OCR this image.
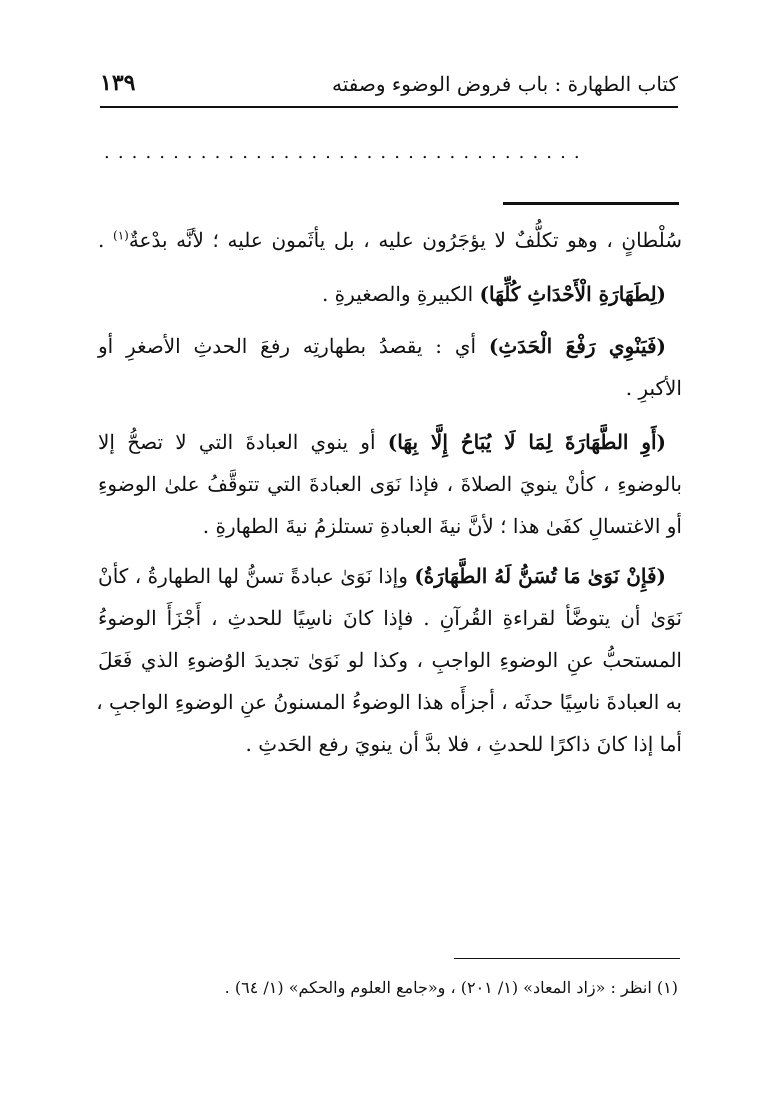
كتاب الطهارة : باب فروض الوضوء وصفته
١٣٩
...................................
سُلْطانٍ ، وهو تكلُّفٌ لا يؤجَرُون عليه ، بل يأثَمون عليه ؛ لأنَّه بدْعةٌ$^{(١)}$ .
(لِطَهَارَةِ الْأَحْدَاثِ كُلِّهَا) الكبيرةِ والصغيرةِ .
(فَيَنْوِي رَفْعَ الْحَدَثِ) أي : يقصدُ بطهارتِه رفعَ الحدثِ الأصغرِ أو
الأكبرِ .
(أَوِ الطَّهَارَةَ لِمَا لَا يُبَاحُ إِلَّا بِهَا) أو ينوي العبادةَ التي لا تصحُّ إلا
بالوضوءِ ، كأنْ ينويَ الصلاةَ ، فإذا نَوَى العبادةَ التي تتوقَّفُ علىٰ الوضوءِ
أو الاغتسالِ كفَىٰ هذا ؛ لأنَّ نيةَ العبادةِ تستلزمُ نيةَ الطهارةِ .
(فَإِنْ نَوَىٰ مَا تُسَنُّ لَهُ الطَّهَارَةُ) وإذا نَوَىٰ عبادةً تسنُّ لها الطهارةُ ، كأنْ
نَوَىٰ أن يتوضَّأ لقراءةِ القُرآنِ . فإذا كانَ ناسِيًا للحدثِ ، أَجْزَأَ الوضوءُ
المستحبُّ عنِ الوضوءِ الواجبِ ، وكذا لو نَوَىٰ تجديدَ الوُضوءِ الذي فَعَلَ
به العبادةَ ناسِيًا حدثَه ، أجزأَه هذا الوضوءُ المسنونُ عنِ الوضوءِ الواجبِ ،
أما إذا كانَ ذاكرًا للحدثِ ، فلا بدَّ أن ينويَ رفع الحَدثِ .
(١) انظر : «زاد المعاد» (١/ ٢٠١) ، و«جامع العلوم والحكم» (١/ ٦٤) .
